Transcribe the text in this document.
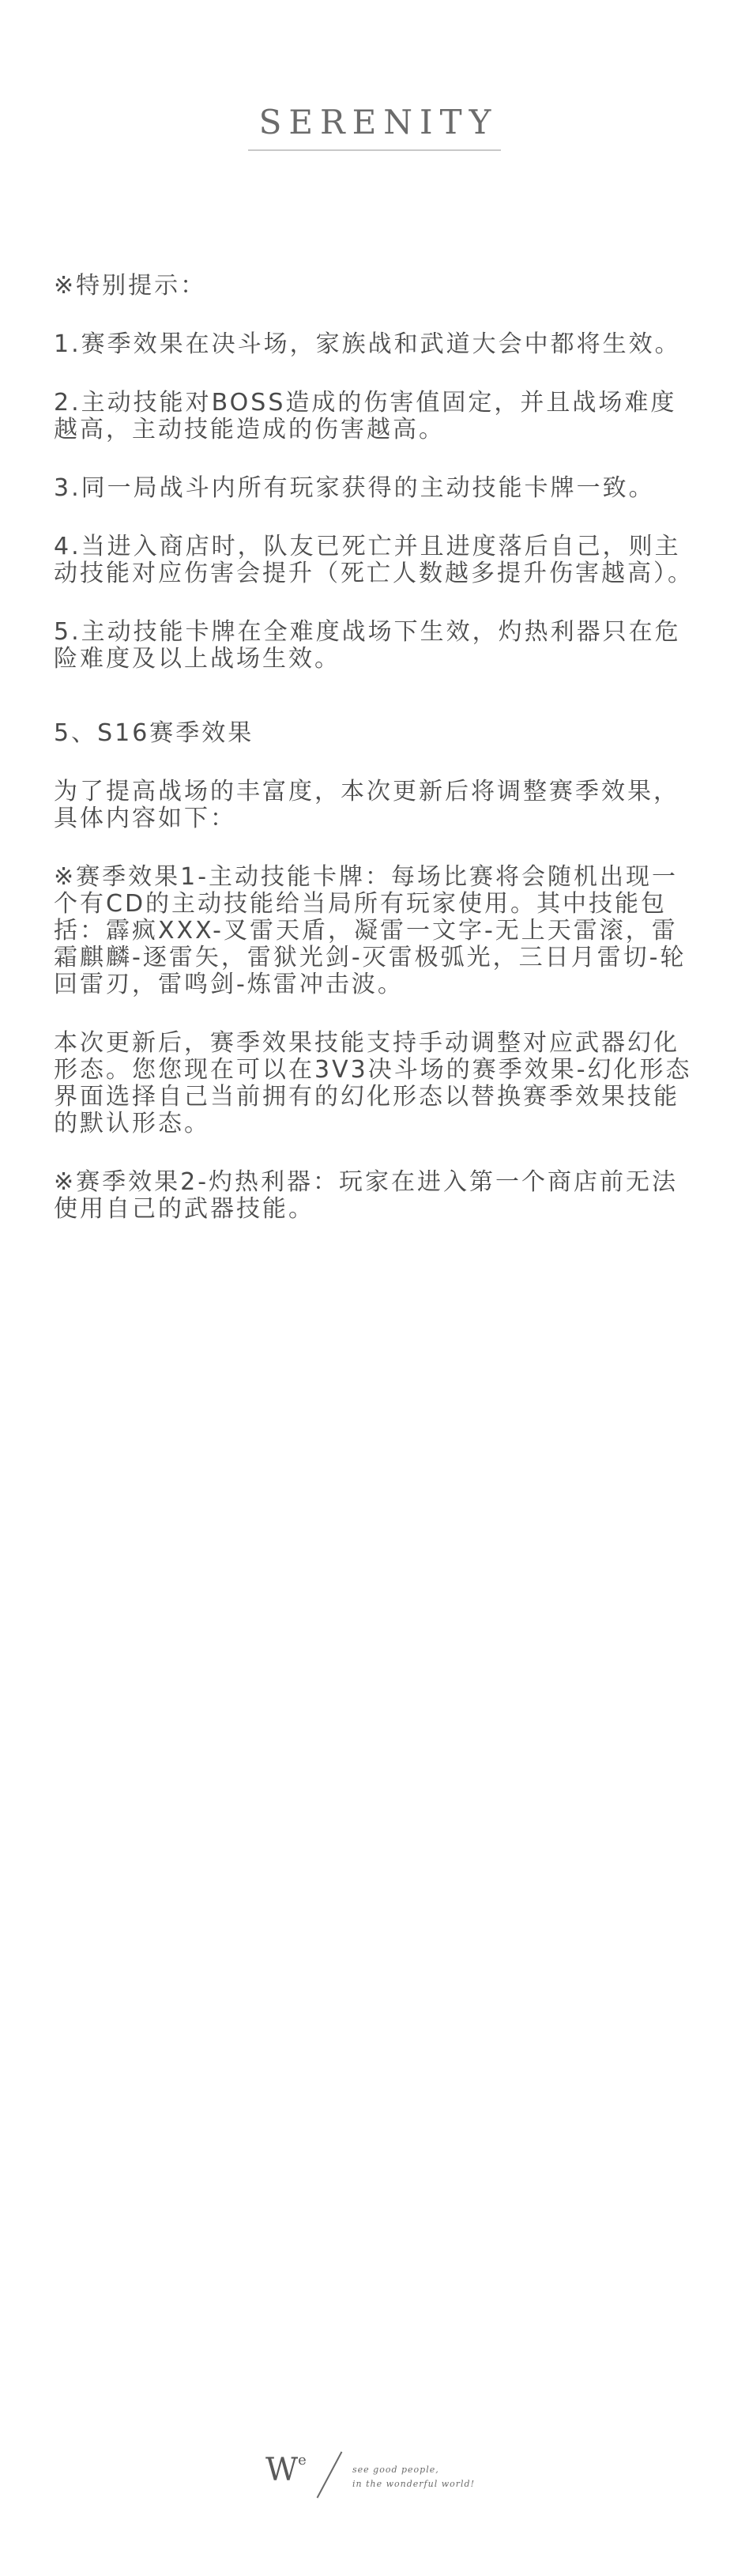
SERENITY

※特别提示：

1.赛季效果在决斗场，家族战和武道大会中都将生效。

2.主动技能对BOSS造成的伤害值固定，并且战场难度越高，主动技能造成的伤害越高。

3.同一局战斗内所有玩家获得的主动技能卡牌一致。

4.当进入商店时，队友已死亡并且进度落后自己，则主动技能对应伤害会提升（死亡人数越多提升伤害越高）。

5.主动技能卡牌在全难度战场下生效，灼热利器只在危险难度及以上战场生效。

5、S16赛季效果

为了提高战场的丰富度，本次更新后将调整赛季效果，具体内容如下：

※赛季效果1-主动技能卡牌：每场比赛将会随机出现一个有CD的主动技能给当局所有玩家使用。其中技能包括：霹疯XXX-叉雷天盾，凝雷一文字-无上天雷滚，雷霜麒麟-逐雷矢，雷狱光剑-灭雷极弧光，三日月雷切-轮回雷刃，雷鸣剑-炼雷冲击波。

本次更新后，赛季效果技能支持手动调整对应武器幻化形态。您您现在可以在3V3决斗场的赛季效果-幻化形态界面选择自己当前拥有的幻化形态以替换赛季效果技能的默认形态。

※赛季效果2-灼热利器：玩家在进入第一个商店前无法使用自己的武器技能。

$W^e$
see good people,
in the wonderful world!
